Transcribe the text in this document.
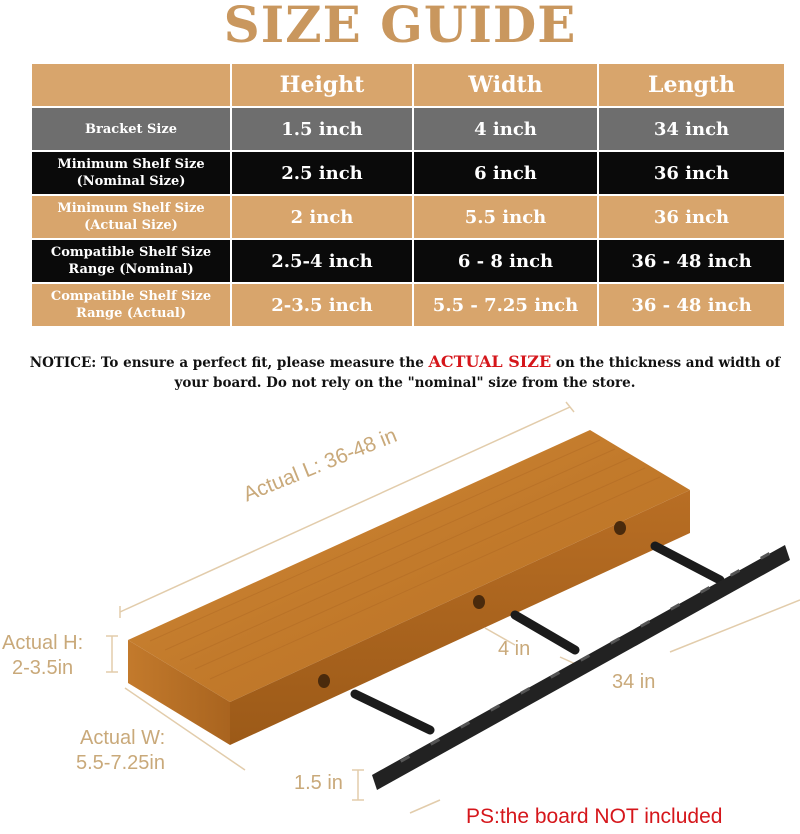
SIZE GUIDE
	Height	Width	Length
Bracket Size	1.5 inch	4 inch	34 inch
Minimum Shelf Size
(Nominal Size)	2.5 inch	6 inch	36 inch
Minimum Shelf Size
(Actual Size)	2 inch	5.5 inch	36 inch
Compatible Shelf Size
Range (Nominal)	2.5-4 inch	6 - 8 inch	36 - 48 inch
Compatible Shelf Size
Range (Actual)	2-3.5 inch	5.5 - 7.25 inch	36 - 48 inch
NOTICE: To ensure a perfect fit, please measure the ACTUAL SIZE on the thickness and width of
your board. Do not rely on the "nominal" size from the store.
Actual L: 36-48 in
Actual H:
2-3.5in
Actual W:
5.5-7.25in
4 in
34 in
1.5 in
PS:the board NOT included
